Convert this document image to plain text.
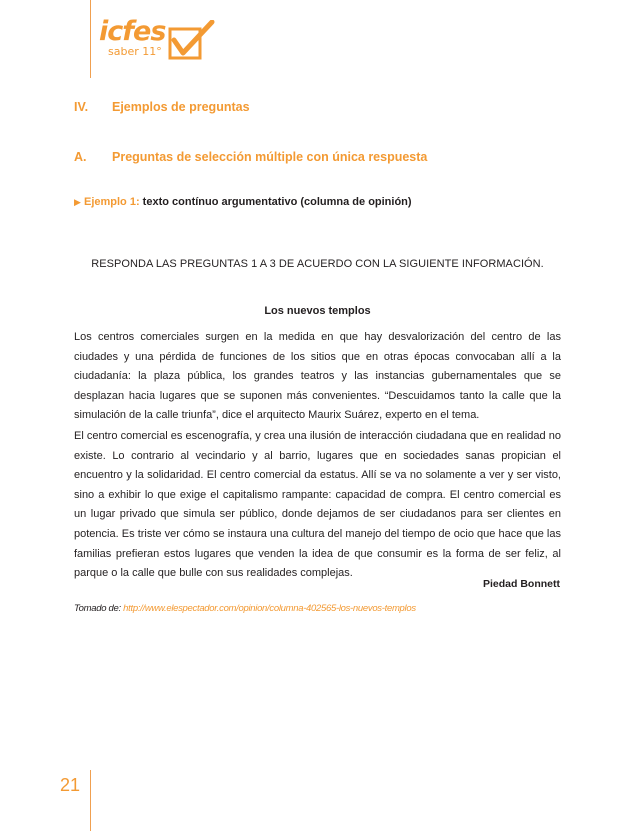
icfes
saber 11°
IV. Ejemplos de preguntas
A. Preguntas de selección múltiple con única respuesta
▶ Ejemplo 1: texto contínuo argumentativo (columna de opinión)
RESPONDA LAS PREGUNTAS 1 A 3 DE ACUERDO CON LA SIGUIENTE INFORMACIÓN.
Los nuevos templos

Los centros comerciales surgen en la medida en que hay desvalorización del centro de las ciudades y una pérdida de funciones de los sitios que en otras épocas convocaban allí a la ciudadanía: la plaza pública, los grandes teatros y las instancias gubernamentales que se desplazan hacia lugares que se suponen más convenientes. “Descuidamos tanto la calle que la simulación de la calle triunfa”, dice el arquitecto Maurix Suárez, experto en el tema.

El centro comercial es escenografía, y crea una ilusión de interacción ciudadana que en realidad no existe. Lo contrario al vecindario y al barrio, lugares que en sociedades sanas propician el encuentro y la solidaridad. El centro comercial da estatus. Allí se va no solamente a ver y ser visto, sino a exhibir lo que exige el capitalismo rampante: capacidad de compra. El centro comercial es un lugar privado que simula ser público, donde dejamos de ser ciudadanos para ser clientes en potencia. Es triste ver cómo se instaura una cultura del manejo del tiempo de ocio que hace que las familias prefieran estos lugares que venden la idea de que consumir es la forma de ser feliz, al parque o la calle que bulle con sus realidades complejas.

Piedad Bonnett
Tomado de: http://www.elespectador.com/opinion/columna-402565-los-nuevos-templos
21
